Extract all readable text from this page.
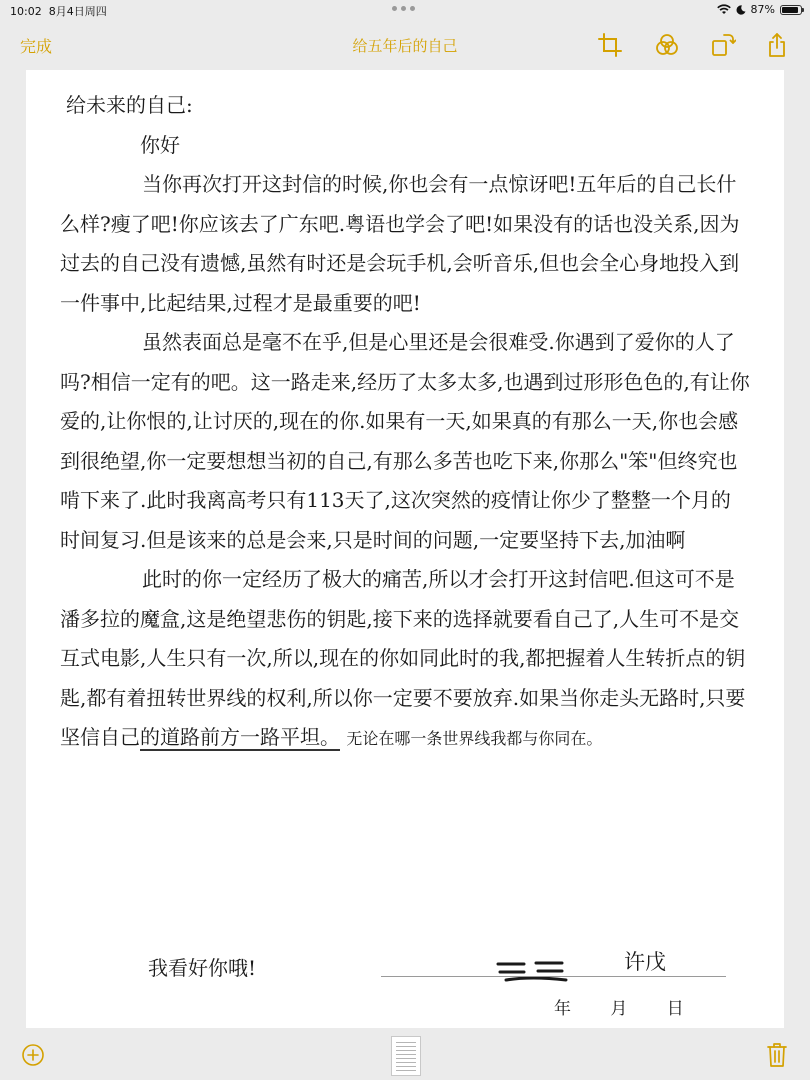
10:02 8月4日周四	87%
完成	给五年后的自己

给未来的自己:

你好

当你再次打开这封信的时候,你也会有一点惊讶吧!五年后的自己长什么样?瘦了吧!你应该去了广东吧.粤语也学会了吧!如果没有的话也没关系,因为过去的自己没有遗憾,虽然有时还是会玩手机,会听音乐,但也会全心身地投入到一件事中,比起结果,过程才是最重要的吧!

虽然表面总是毫不在乎,但是心里还是会很难受.你遇到了爱你的人了吗?相信一定有的吧。这一路走来,经历了太多太多,也遇到过形形色色的,有让你爱的,让你恨的,让讨厌的,现在的你.如果有一天,如果真的有那么一天,你也会感到很绝望,你一定要想想当初的自己,有那么多苦也吃下来,你那么"笨"但终究也啃下来了.此时我离高考只有113天了,这次突然的疫情让你少了整整一个月的时间复习.但是该来的总是会来,只是时间的问题,一定要坚持下去,加油啊

此时的你一定经历了极大的痛苦,所以才会打开这封信吧.但这可不是潘多拉的魔盒,这是绝望悲伤的钥匙,接下来的选择就要看自己了,人生可不是交互式电影,人生只有一次,所以,现在的你如同此时的我,都把握着人生转折点的钥匙,都有着扭转世界线的权利,所以你一定要不要放弃.如果当你走头无路时,只要坚信自己的道路前方一路平坦。 无论在哪一条世界线我都与你同在。

我看好你哦!	许戊
年 月 日
